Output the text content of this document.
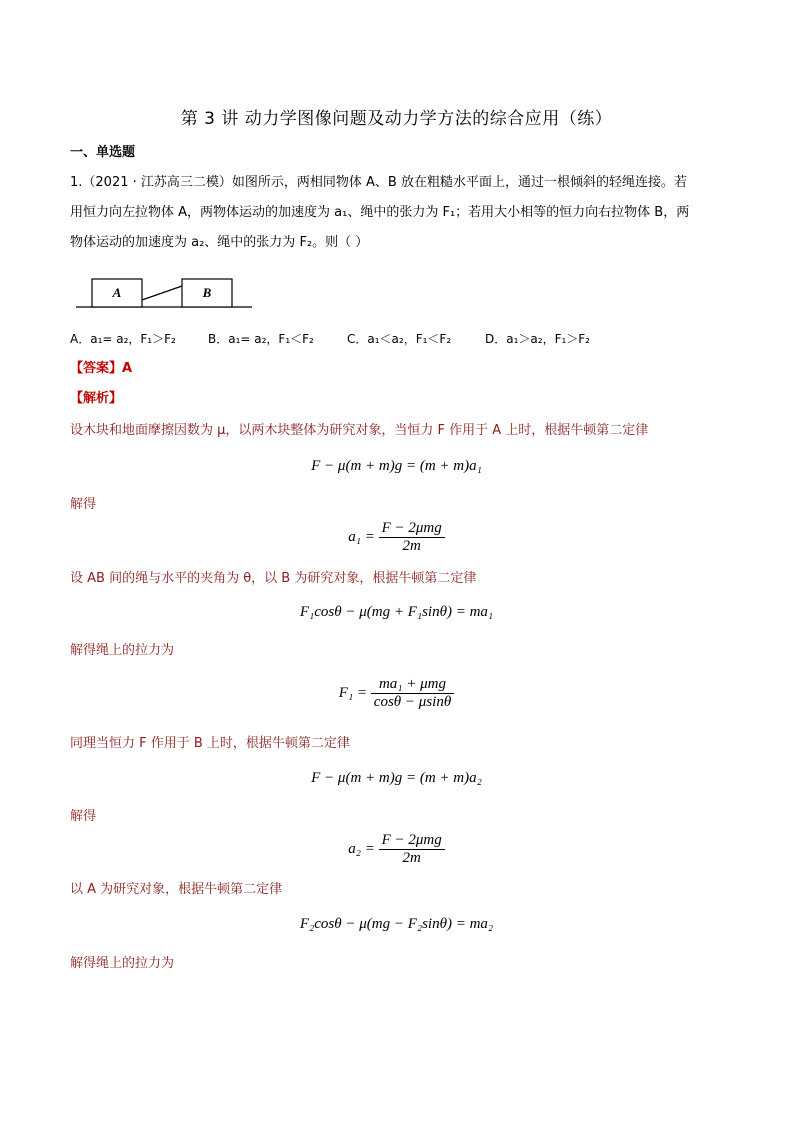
第 3 讲 动力学图像问题及动力学方法的综合应用（练）
一、单选题
1.（2021 · 江苏高三二模）如图所示，两相同物体 A、B 放在粗糙水平面上，通过一根倾斜的轻绳连接。若
用恒力向左拉物体 A，两物体运动的加速度为 a₁、绳中的张力为 F₁；若用大小相等的恒力向右拉物体 B，两
物体运动的加速度为 a₂、绳中的张力为 F₂。则（ ）
A	B
A．a₁= a₂，F₁＞F₂	B．a₁= a₂，F₁＜F₂	C．a₁＜a₂，F₁＜F₂	D．a₁＞a₂，F₁＞F₂
【答案】A
【解析】
设木块和地面摩擦因数为 μ，以两木块整体为研究对象，当恒力 F 作用于 A 上时，根据牛顿第二定律
F − μ(m + m)g = (m + m)a₁
解得
$a_1 = \frac{\text{F − 2μmg}}{2m}$
设 AB 间的绳与水平的夹角为 θ，以 B 为研究对象，根据牛顿第二定律
F₁cosθ − μ(mg + F₁sinθ) = ma₁
解得绳上的拉力为
$F_1 = \frac{\text{ma₁ + μmg}}{\cos\theta - \mu\sin\theta}$
同理当恒力 F 作用于 B 上时，根据牛顿第二定律
F − μ(m + m)g = (m + m)a₂
解得
$a_2 = \frac{\text{F − 2μmg}}{2m}$
以 A 为研究对象，根据牛顿第二定律
F₂cosθ − μ(mg − F₂sinθ) = ma₂
解得绳上的拉力为
